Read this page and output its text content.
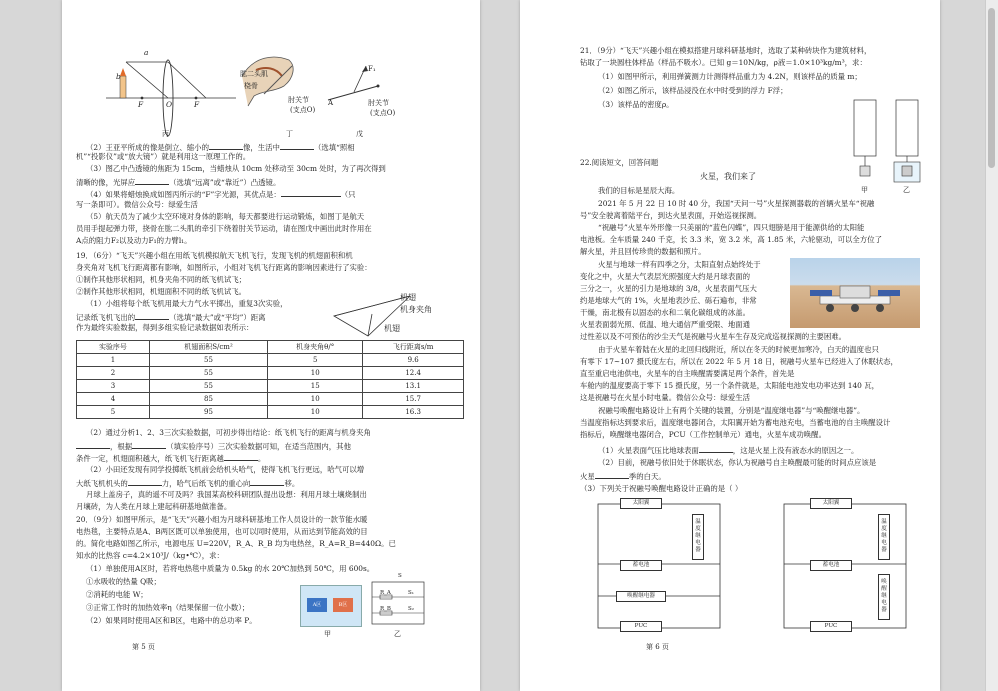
a
b
F	O	F
肱二头肌
桡骨
肘关节
(支点O)
F₁
A	肘关节
(支点O)
丙	丁	戊
（2）王亚平所成的像是倒立、缩小的	像，生活中	（选填“照相
机”“投影仪”或“放大镜”）就是利用这一原理工作的。
（3）图乙中凸透镜的焦距为 15cm，当蜡烛从 10cm 处移动至 30cm 处时，为了再次得到
清晰的像，光屏应	（选填“远离”或“靠近”）凸透镜。
（4）如果将蜡烛换成如图丙所示的“F”字光源，其优点是：	（只
写一条即可）。微信公众号：绿爱生活
（5）航天员为了减少太空环境对身体的影响，每天都要进行运动锻炼，如图丁是航天
员用手提起弹力带，挠骨在肱二头肌的牵引下绕着肘关节运动，请在图戊中画出此时作用在
A点的阻力F₂以及动力F₁的力臂l₁。
19．（6分）“飞天”兴趣小组在用纸飞机模拟航天飞机飞行，发现飞机的机翅面积和机
身夹角对飞机飞行距离都有影响，如图所示，小组对飞机飞行距离的影响因素进行了实验：
①制作其他形状相同，机身夹角不同的纸飞机试飞；
②制作其他形状相同，机翅面积不同的纸飞机试飞。
（1）小组将每个纸飞机用最大力气水平掷出，重复3次实验，
记录纸飞机飞出的	（选填“最大”或“平均”）距离
作为最终实验数据，得到多组实验记录数据如表所示：
机翅
机身夹角
机翅
实验序号	机翅面积S/cm²	机身夹角θ/°	飞行距离s/m
1	55	5	9.6
2	55	10	12.4
3	55	15	13.1
4	85	10	15.7
5	95	10	16.3
（2）通过分析1、2、3三次实验数据，可初步得出结论：纸飞机飞行的距离与机身夹角
，根据	（填实验序号）三次实验数据可知，在适当范围内，其他
条件一定，机翅面积越大，纸飞机飞行距离越	。
（2）小田还发现有同学投掷纸飞机前会给机头哈气，使得飞机飞行更远，哈气可以增
大纸飞机机头的	力，哈气后纸飞机的重心向	移。
月球上盖房子，真的遥不可及吗？我国某高校科研团队提出设想：利用月球土壤烧制出
月壤砖，为人类在月球上建起科研基地做准备。
20．（9分）如图甲所示，是“飞天”兴趣小组为月球科研基地工作人员设计的一款节能水暖
电热毯，主要特点是A、B两区既可以单独使用，也可以同时使用，从而达到节能高效的目
的。简化电路如图乙所示，电源电压 U=220V，R_A、R_B 均为电热丝，R_A=R_B=440Ω。已
知水的比热容 c=4.2×10³J/（kg•℃），求：
（1）单独使用A区时，若将电热毯中质量为 0.5kg 的水 20℃加热到 50℃，用 600s。
①水吸收的热量 Q吸；
②消耗的电能 W；
③正常工作时的加热效率η（结果保留一位小数）；
（2）如果同时使用A区和B区，电路中的总功率 P。
A区	B区
S
R_A	S₁
R_B	S₂
甲	乙
第 5 页
21．（9分）“飞天”兴趣小组在模拟搭建月球科研基地时，选取了某种砖块作为建筑材料，
钻取了一块圆柱体样品（样品不吸水）。已知 g＝10N/kg，ρ液＝1.0×10³kg/m³，求：
（1）如图甲所示，利用弹簧测力计测得样品重力为 4.2N，则该样品的质量 m；
（2）如图乙所示，该样品浸没在水中时受到的浮力 F浮；
（3）该样品的密度ρ。
甲	乙
22.阅读短文，回答问题
火星，我们来了
我们的目标是星辰大海。
2021 年 5 月 22 日 10 时 40 分，我国“天问一号”火星探测器载的首辆火星车“祝融
号”安全驶离着陆平台，到达火星表面，开始巡视探测。
“祝融号”火星车外形像一只美丽的“蓝色闪蝶”，四只翅膀是用于能源供给的太阳能
电池板。全车质量 240 千克，长 3.3 米，宽 3.2 米，高 1.85 米，六轮驱动，可以全方位了
解火星，并且回传珍贵的数据和照片。
火星与地球一样有四季之分，太阳直射点始终处于
变化之中，火星大气表层光照强度大约是月球表面的
三分之一，火星的引力是地球的 3/8，火星表面气压大
约是地球大气的 1%，火星地表沙丘、砾石遍布，非常
干燥，南北极有以固态的水和二氧化碳组成的冰盖。
火星表面弱光照、低温、地大通信严重受限、地面通
过性差以及不可预估的沙尘天气是祝融号火星车生存及完成巡视探测的主要困难。
由于火星车着陆在火星的北回归线附近，所以在冬天的时候更加寒冷，白天的温度也只
有零下 17~107 摄氏度左右，所以在 2022 年 5 月 18 日，祝融号火星车已经进入了休眠状态，
直至重启电池供电，火星车的自主唤醒需要满足两个条件，首先是
车舱内的温度要高于零下 15 摄氏度，另一个条件就是，太阳能电池发电功率达到 140 瓦，
这是祝融号在火星小时电量。微信公众号：绿爱生活
祝融号唤醒电路设计上有两个关键的装置，分别是“温度继电器”与“唤醒继电器”。
当温度指标达到要求后，温度继电器闭合，太阳翼开始为蓄电池充电，当蓄电池的自主唤醒设计
指标后，唤醒继电器闭合，PCU（工作控制单元）通电，火星车成功唤醒。
（1）火星表面气压比地球表面	，这是火星上没有液态水的原因之一。
（2）目前，祝融号依旧处于休眠状态，你认为祝融号自主唤醒最可能的时间点应该是
火星	季的白天。
（3）下列关于祝融号唤醒电路设计正确的是（ ）
太阳翼
温度继电器
蓄电池
唤醒继电器
PUC
太阳翼
温度继电器
蓄电池
唤醒继电器
PUC
第 6 页
